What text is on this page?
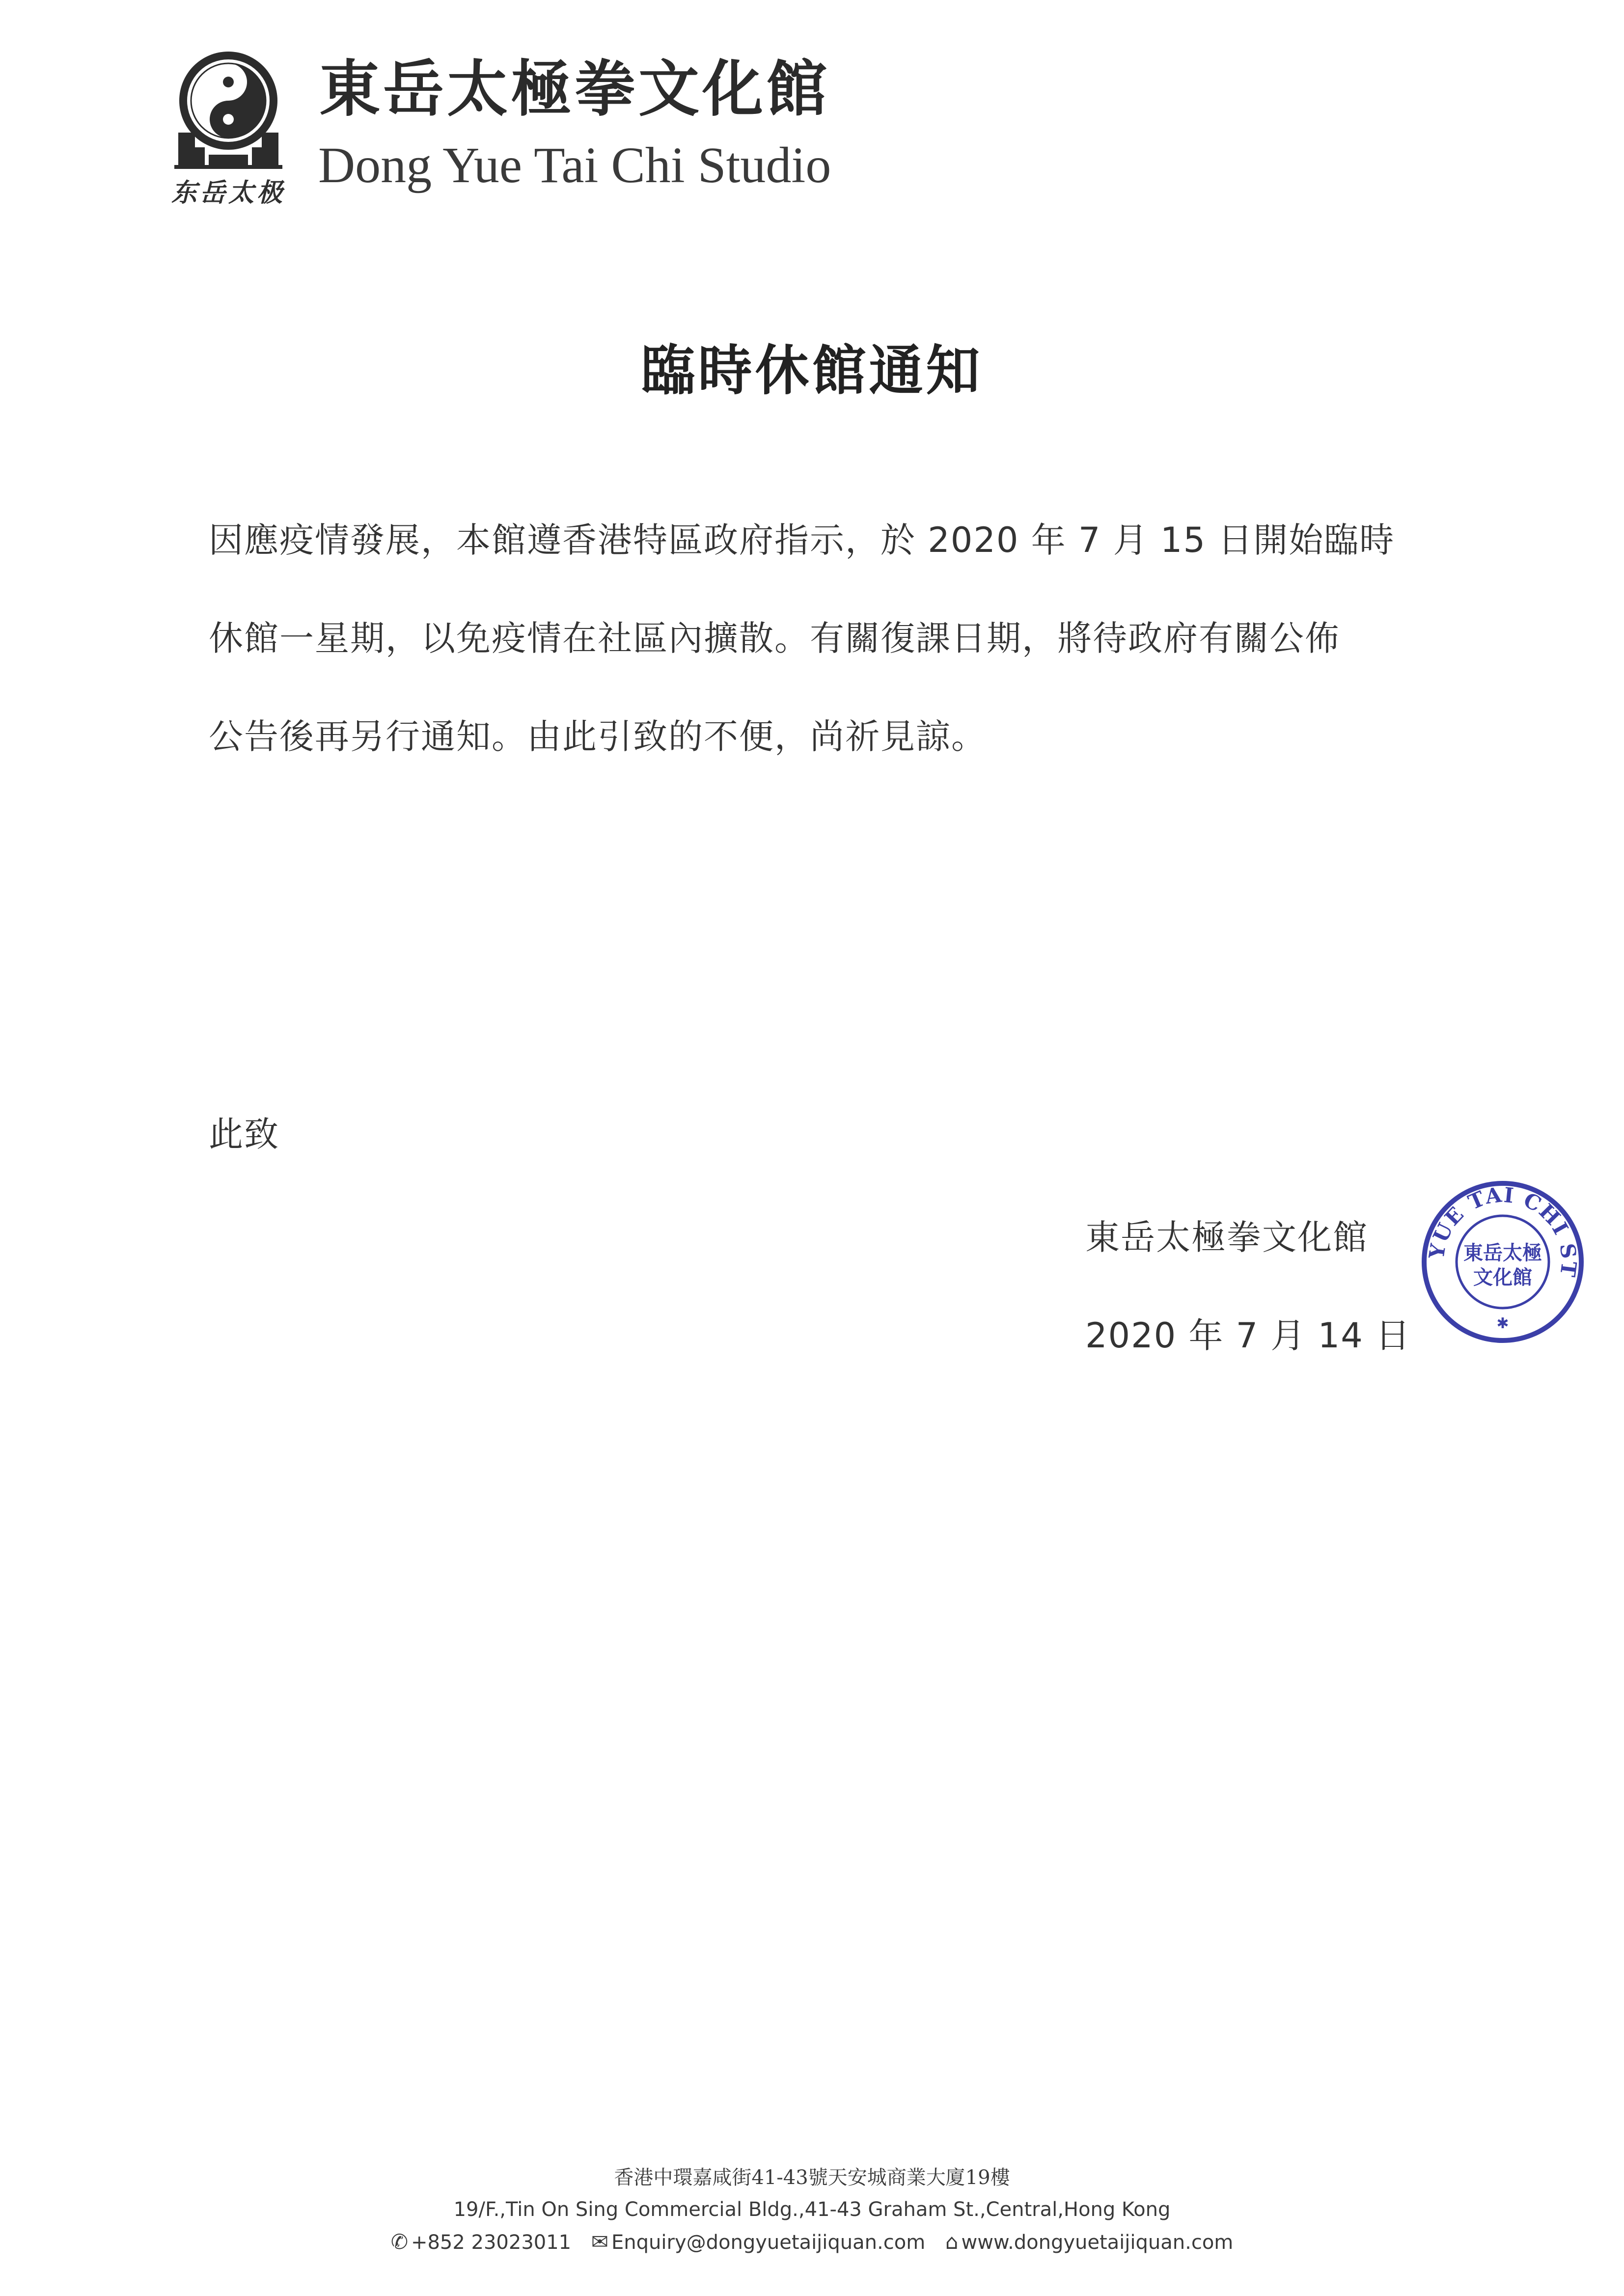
东岳太极
東岳太極拳文化館
Dong Yue Tai Chi Studio
臨時休館通知
因應疫情發展，本館遵香港特區政府指示，於 2020 年 7 月 15 日開始臨時
休館一星期，以免疫情在社區內擴散。有關復課日期，將待政府有關公佈
公告後再另行通知。由此引致的不便，尚祈見諒。
此致
東岳太極拳文化館
2020 年 7 月 14 日
YUE TAI CHI ST
東岳太極
文化館
✱
香港中環嘉咸街41-43號天安城商業大廈19樓
19/F.,Tin On Sing Commercial Bldg.,41-43 Graham St.,Central,Hong Kong
✆ +852 23023011 ✉ Enquiry@dongyuetaijiquan.com ⌂ www.dongyuetaijiquan.com
